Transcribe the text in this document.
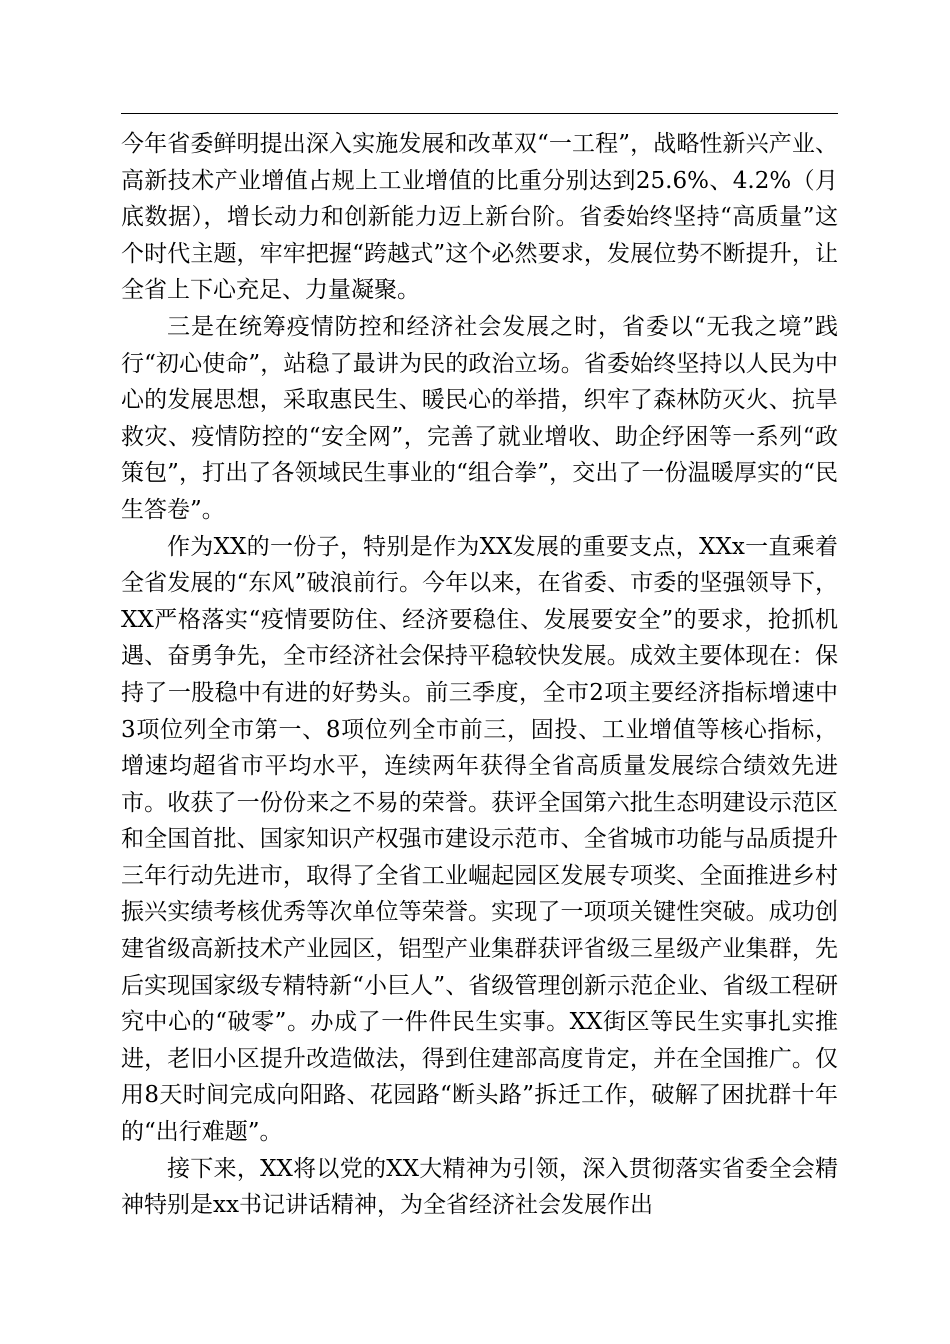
今年省委鲜明提出深入实施发展和改革双“一工程”，战略性新兴产业、高新技术产业增值占规上工业增值的比重分别达到25.6%、4.2%（月底数据），增长动力和创新能力迈上新台阶。省委始终坚持“高质量”这个时代主题，牢牢把握“跨越式”这个必然要求，发展位势不断提升，让全省上下心充足、力量凝聚。

三是在统筹疫情防控和经济社会发展之时，省委以“无我之境”践行“初心使命”，站稳了最讲为民的政治立场。省委始终坚持以人民为中心的发展思想，采取惠民生、暖民心的举措，织牢了森林防灭火、抗旱救灾、疫情防控的“安全网”，完善了就业增收、助企纾困等一系列“政策包”，打出了各领域民生事业的“组合拳”，交出了一份温暖厚实的“民生答卷”。

作为XX的一份子，特别是作为XX发展的重要支点，XXx一直乘着全省发展的“东风”破浪前行。今年以来，在省委、市委的坚强领导下，XX严格落实“疫情要防住、经济要稳住、发展要安全”的要求，抢抓机遇、奋勇争先，全市经济社会保持平稳较快发展。成效主要体现在：保持了一股稳中有进的好势头。前三季度，全市2项主要经济指标增速中3项位列全市第一、8项位列全市前三，固投、工业增值等核心指标，增速均超省市平均水平，连续两年获得全省高质量发展综合绩效先进市。收获了一份份来之不易的荣誉。获评全国第六批生态明建设示范区和全国首批、国家知识产权强市建设示范市、全省城市功能与品质提升三年行动先进市，取得了全省工业崛起园区发展专项奖、全面推进乡村振兴实绩考核优秀等次单位等荣誉。实现了一项项关键性突破。成功创建省级高新技术产业园区，铝型产业集群获评省级三星级产业集群，先后实现国家级专精特新“小巨人”、省级管理创新示范企业、省级工程研究中心的“破零”。办成了一件件民生实事。XX街区等民生实事扎实推进，老旧小区提升改造做法，得到住建部高度肯定，并在全国推广。仅用8天时间完成向阳路、花园路“断头路”拆迁工作，破解了困扰群十年的“出行难题”。

接下来，XX将以党的XX大精神为引领，深入贯彻落实省委全会精神特别是xx书记讲话精神，为全省经济社会发展作出
